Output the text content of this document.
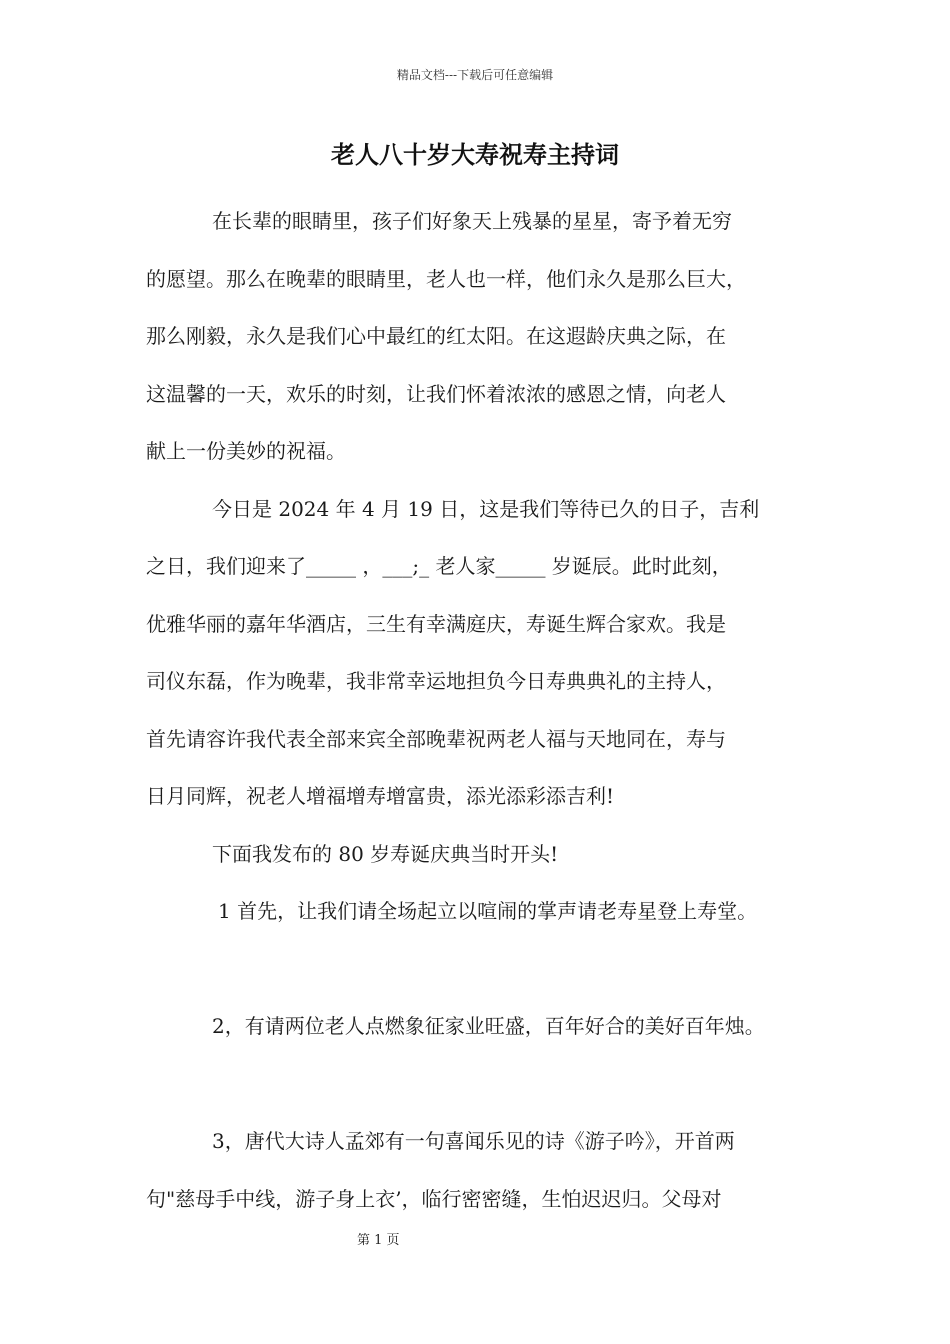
精品文档---下载后可任意编辑
老人八十岁大寿祝寿主持词
在长辈的眼睛里，孩子们好象天上残暴的星星，寄予着无穷
的愿望。那么在晚辈的眼睛里，老人也一样，他们永久是那么巨大，
那么刚毅，永久是我们心中最红的红太阳。在这遐龄庆典之际，在
这温馨的一天，欢乐的时刻，让我们怀着浓浓的感恩之情，向老人
献上一份美妙的祝福。
今日是 2024 年 4 月 19 日，这是我们等待已久的日子，吉利
之日，我们迎来了_____ ，___;_ 老人家_____ 岁诞辰。此时此刻，
优雅华丽的嘉年华酒店，三生有幸满庭庆，寿诞生辉合家欢。我是
司仪东磊，作为晚辈，我非常幸运地担负今日寿典典礼的主持人，
首先请容许我代表全部来宾全部晚辈祝两老人福与天地同在，寿与
日月同辉，祝老人增福增寿增富贵，添光添彩添吉利!
下面我发布的 80 岁寿诞庆典当时开头!
1 首先，让我们请全场起立以喧闹的掌声请老寿星登上寿堂。
2，有请两位老人点燃象征家业旺盛，百年好合的美好百年烛。
3，唐代大诗人孟郊有一句喜闻乐见的诗《游子吟》，开首两
句"慈母手中线，游子身上衣’，临行密密缝，生怕迟迟归。父母对
第 1 页
